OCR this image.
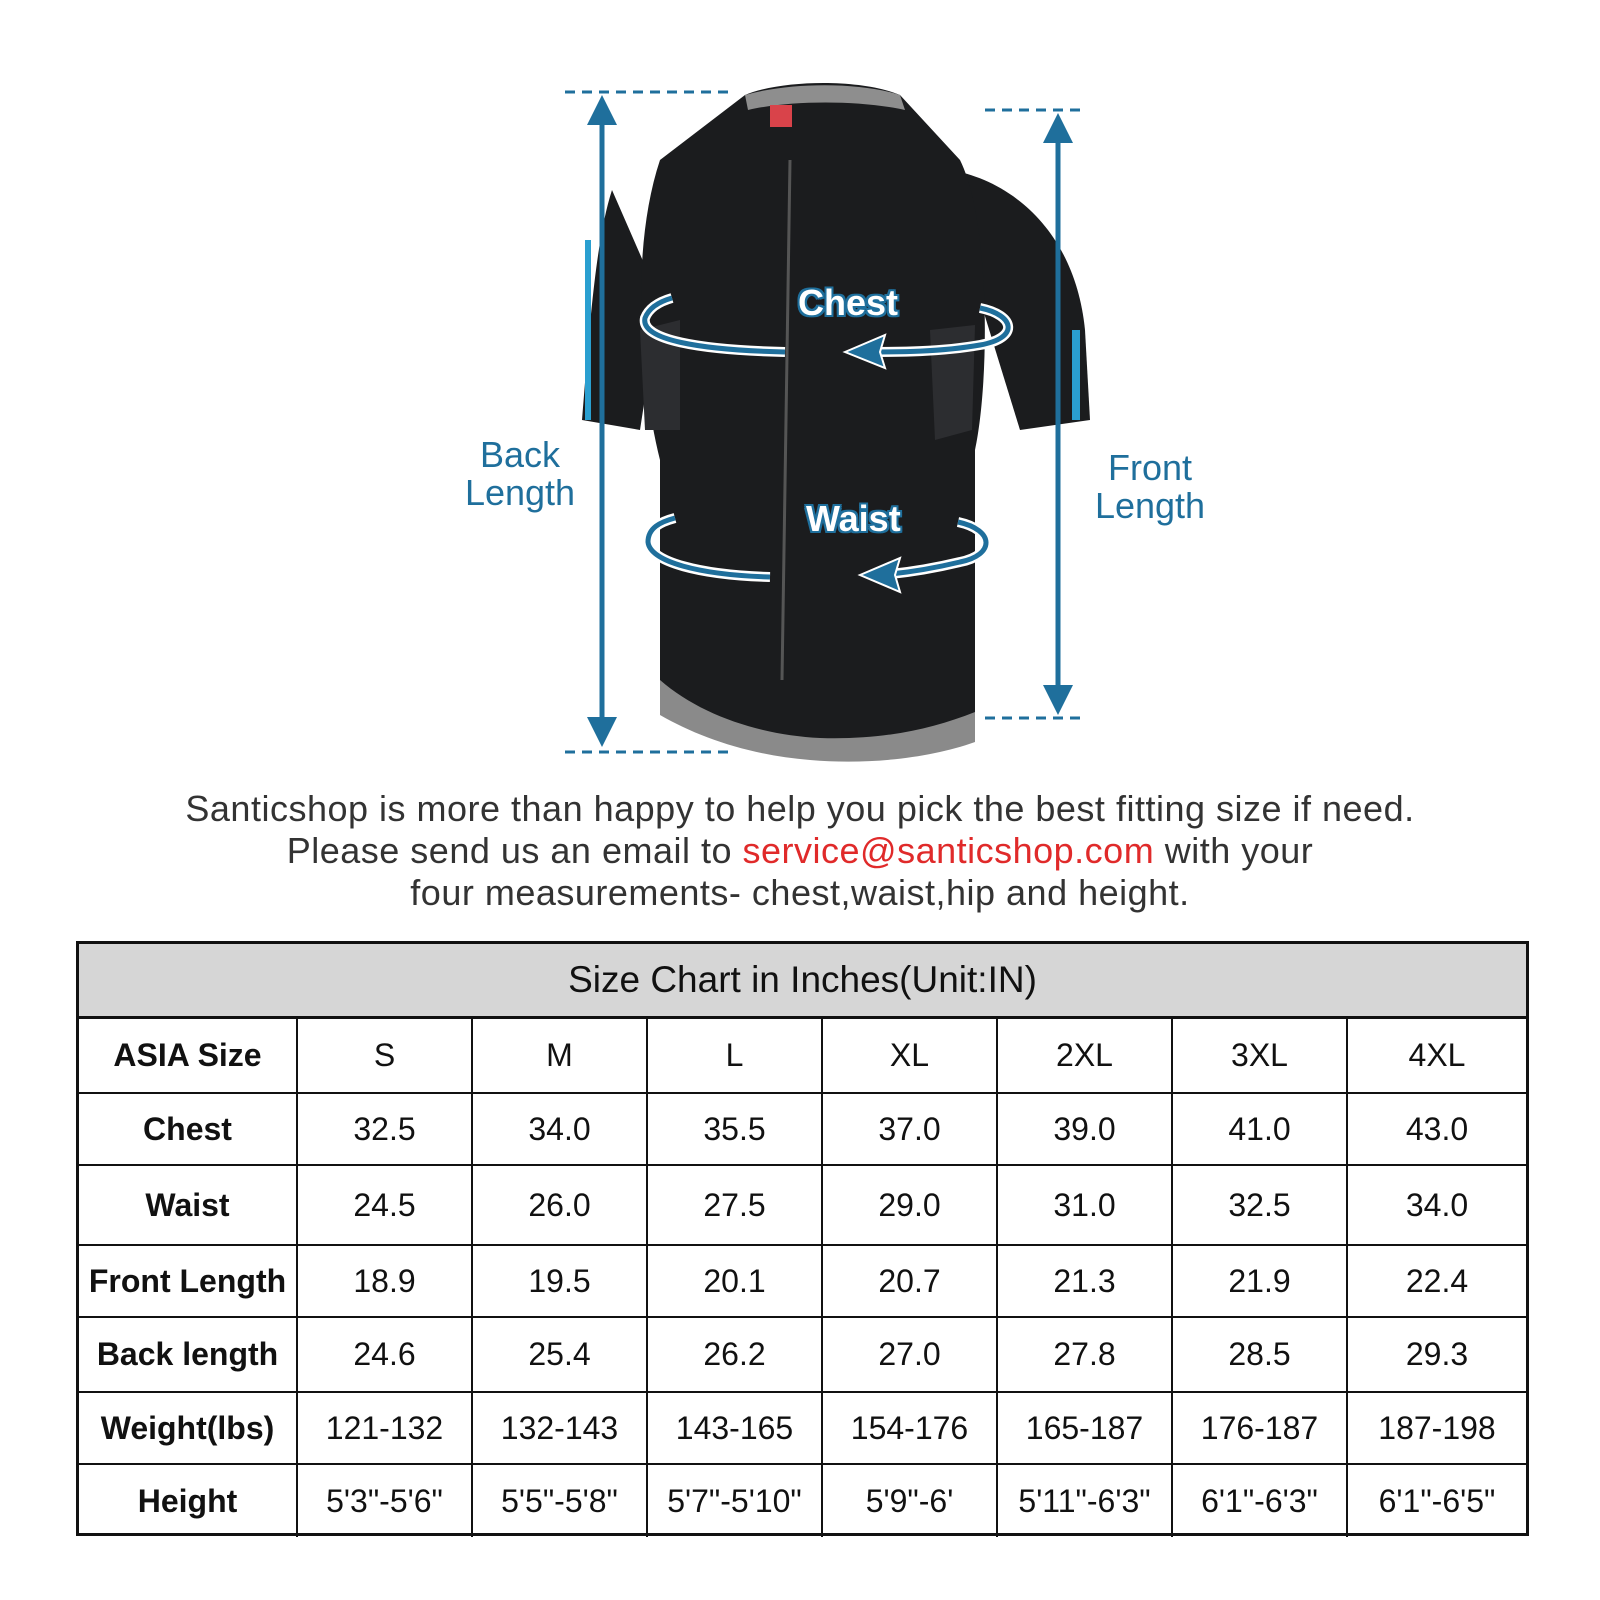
Back
Length
Front
Length
Chest
Waist
Santicshop is more than happy to help you pick the best fitting size if need.
Please send us an email to service@santicshop.com with your
four measurements- chest,waist,hip and height.
Size Chart in Inches(Unit:IN)
ASIA Size	S	M	L	XL	2XL	3XL	4XL
Chest	32.5	34.0	35.5	37.0	39.0	41.0	43.0
Waist	24.5	26.0	27.5	29.0	31.0	32.5	34.0
Front Length	18.9	19.5	20.1	20.7	21.3	21.9	22.4
Back length	24.6	25.4	26.2	27.0	27.8	28.5	29.3
Weight(lbs)	121-132	132-143	143-165	154-176	165-187	176-187	187-198
Height	5'3"-5'6"	5'5"-5'8"	5'7"-5'10"	5'9"-6'	5'11"-6'3"	6'1"-6'3"	6'1"-6'5"
